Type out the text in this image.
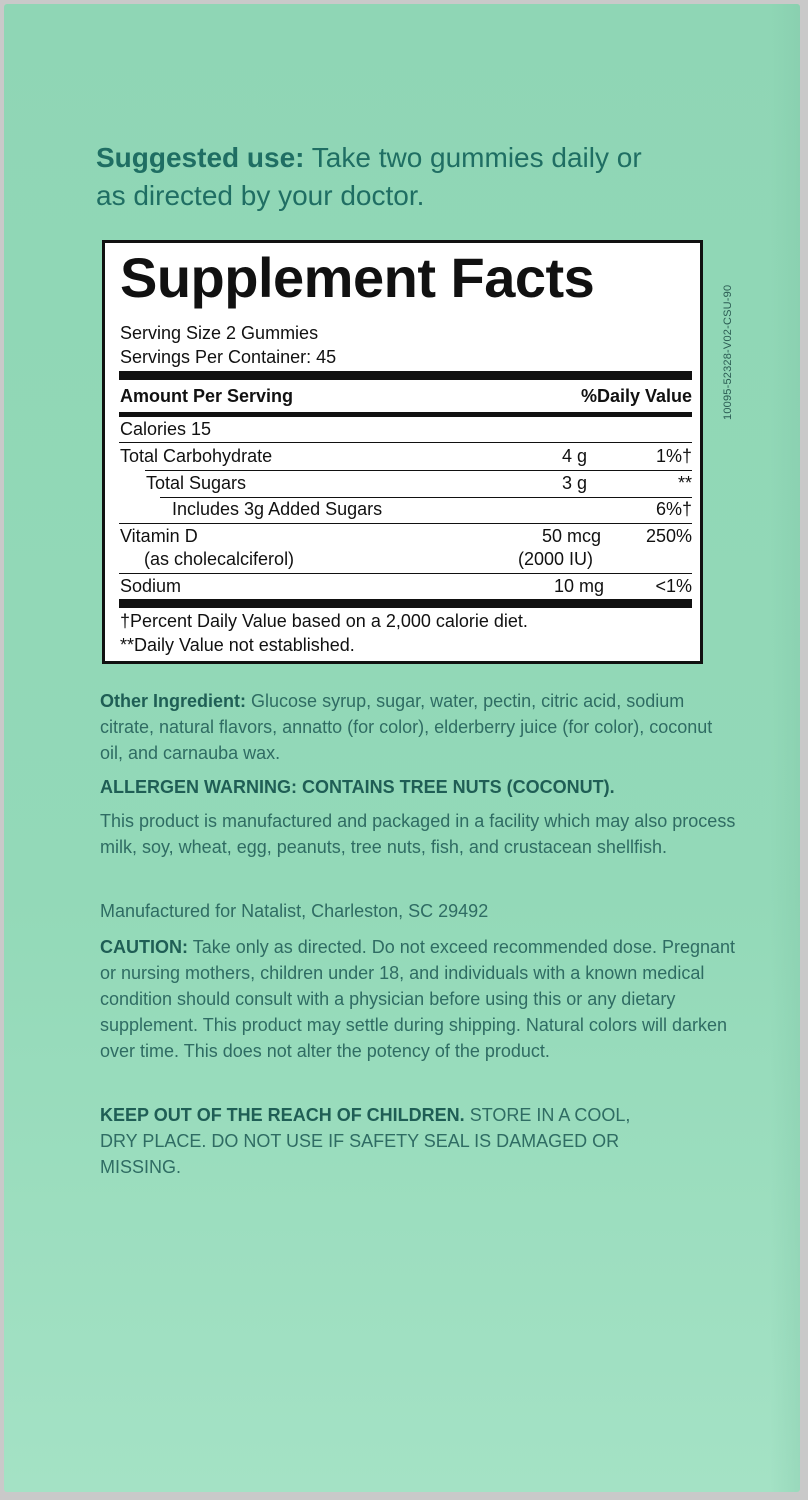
Suggested use: Take two gummies daily or as directed by your doctor.
10095-52328-V02-CSU-90
Supplement Facts
Serving Size 2 Gummies
Servings Per Container: 45
Amount Per Serving	%Daily Value
Calories 15
Total Carbohydrate	4 g	1%†
Total Sugars	3 g	**
Includes 3g Added Sugars	6%†
Vitamin D	50 mcg 250%
(as cholecalciferol)	(2000 IU)
Sodium	10 mg	<1%
†Percent Daily Value based on a 2,000 calorie diet.
**Daily Value not established.
Other Ingredient: Glucose syrup, sugar, water, pectin, citric acid, sodium citrate, natural flavors, annatto (for color), elderberry juice (for color), coconut oil, and carnauba wax.
ALLERGEN WARNING: CONTAINS TREE NUTS (COCONUT).
This product is manufactured and packaged in a facility which may also process milk, soy, wheat, egg, peanuts, tree nuts, fish, and crustacean shellfish.
Manufactured for Natalist, Charleston, SC 29492
CAUTION: Take only as directed. Do not exceed recommended dose. Pregnant or nursing mothers, children under 18, and individuals with a known medical condition should consult with a physician before using this or any dietary supplement. This product may settle during shipping. Natural colors will darken over time. This does not alter the potency of the product.
KEEP OUT OF THE REACH OF CHILDREN. STORE IN A COOL, DRY PLACE. DO NOT USE IF SAFETY SEAL IS DAMAGED OR MISSING.
